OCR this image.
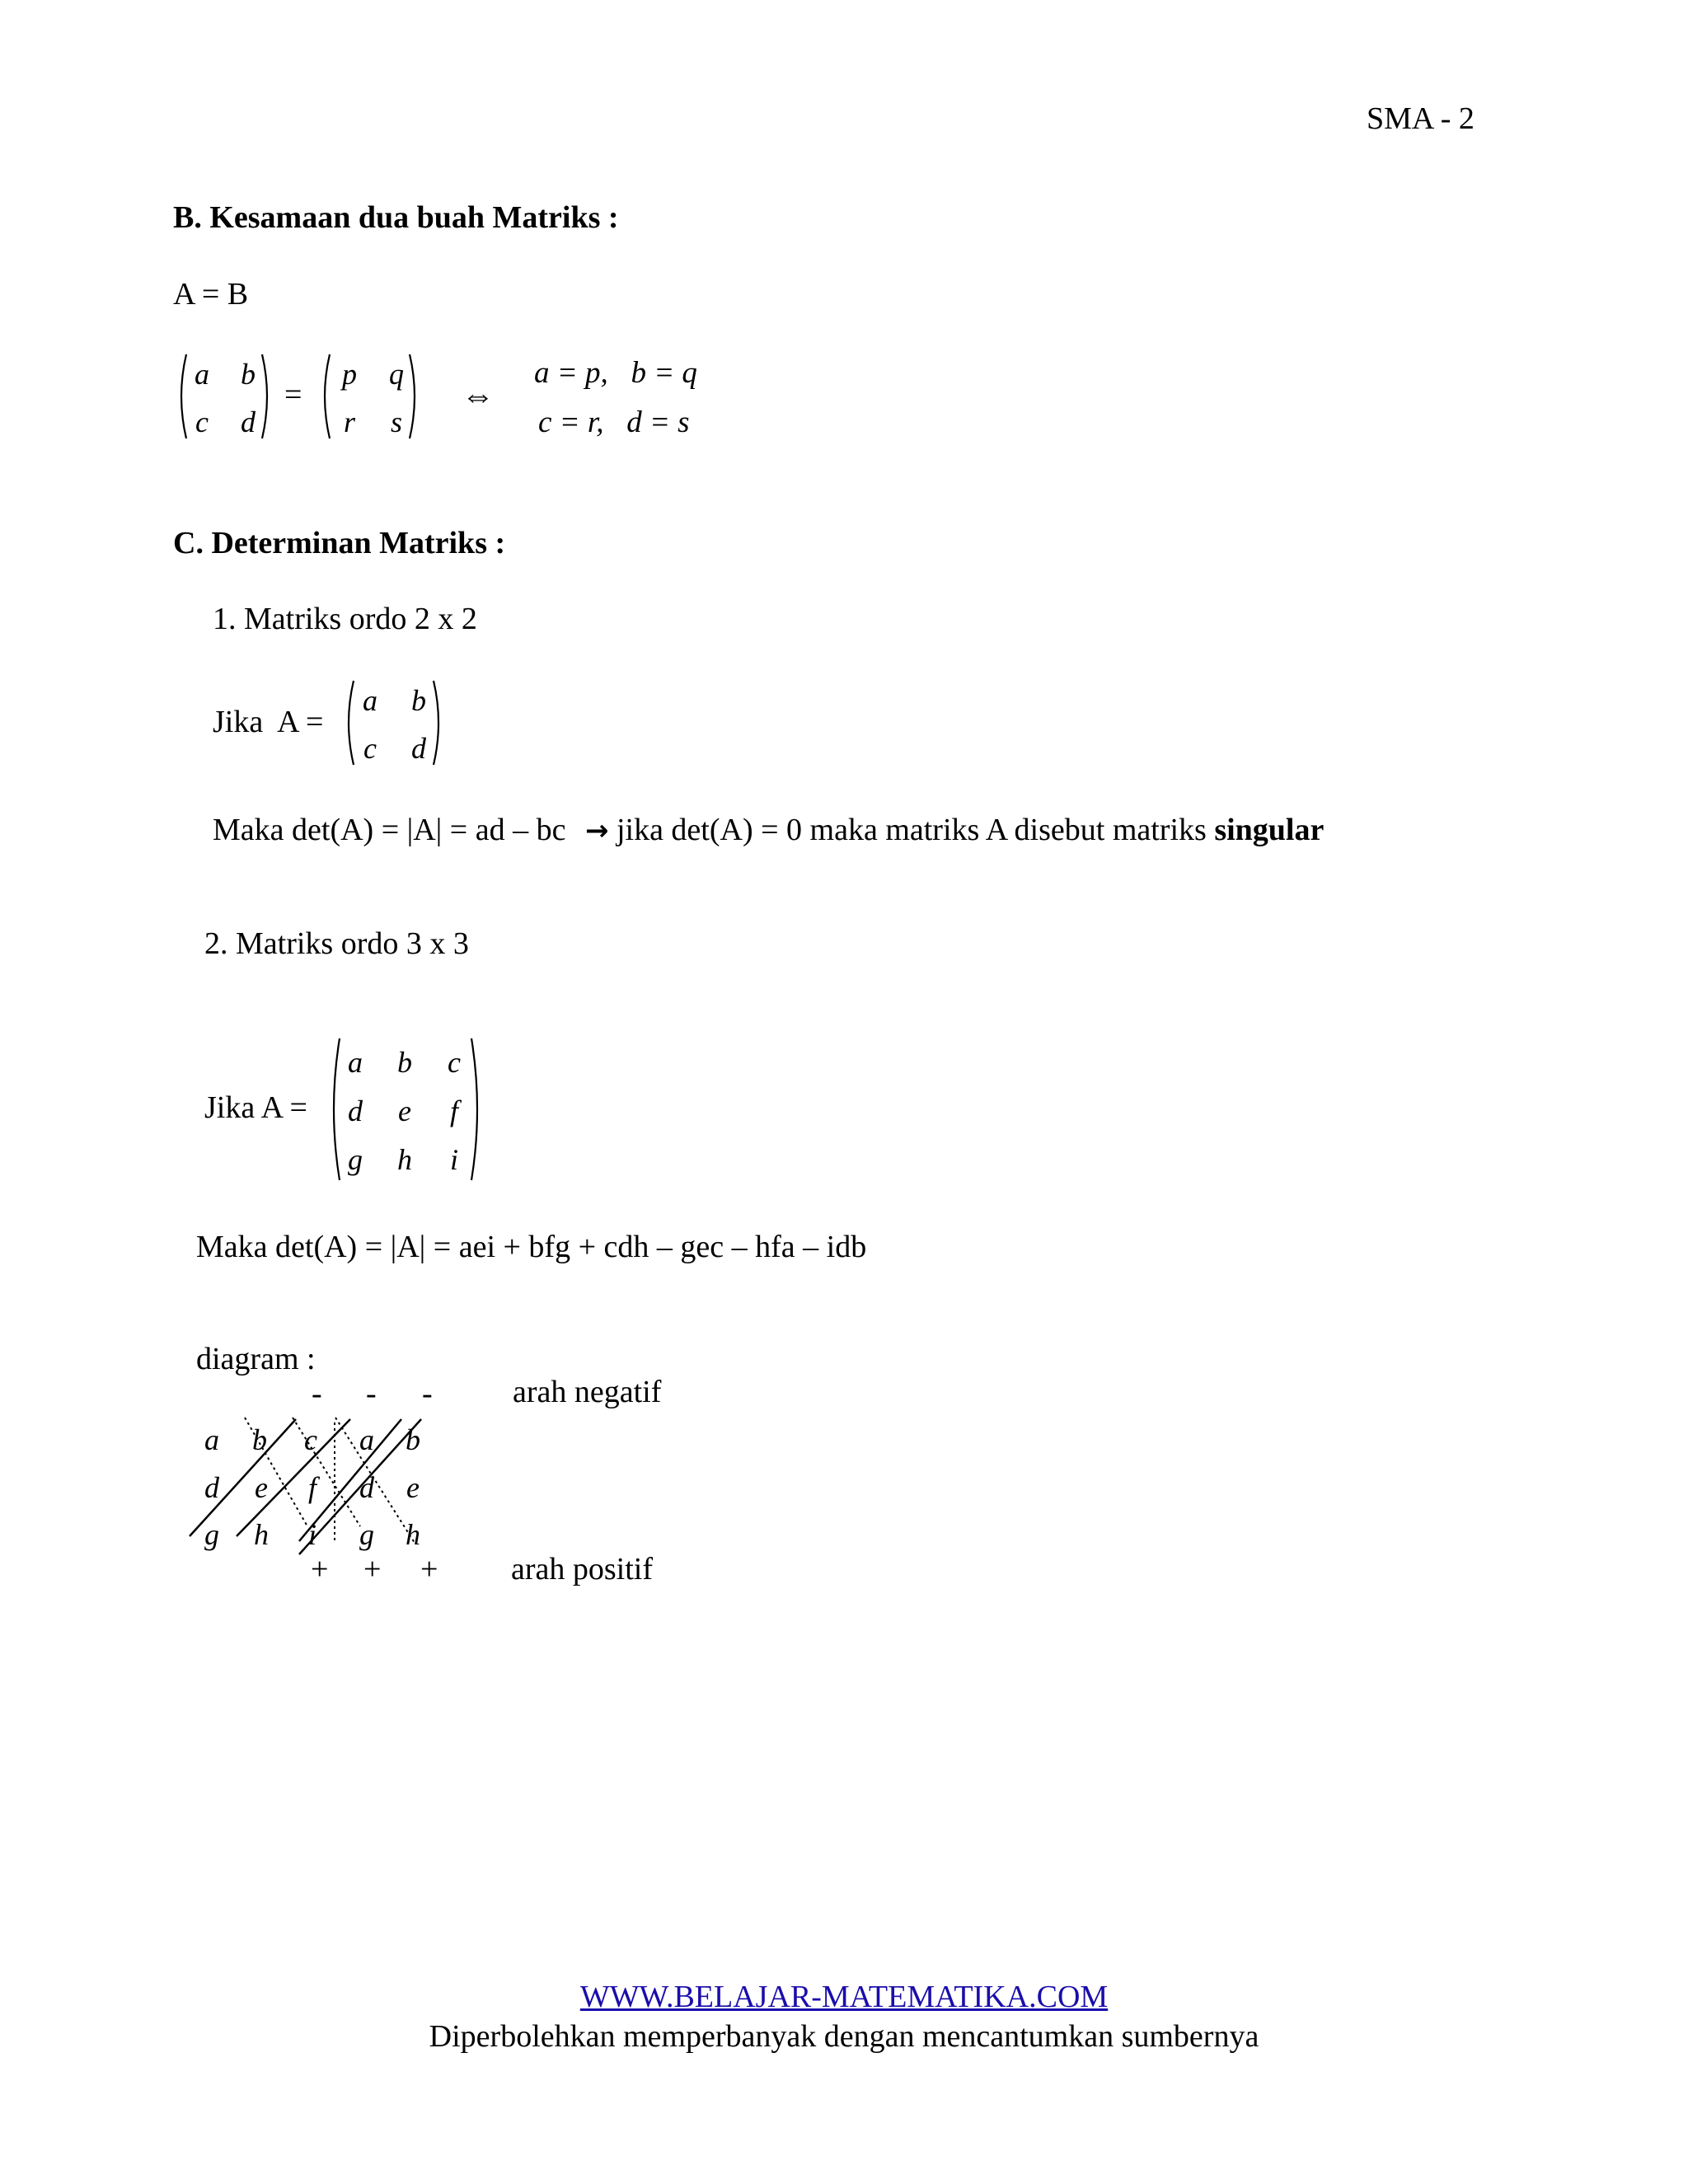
SMA - 2
B. Kesamaan dua buah Matriks :
A = B
a	b
c	d
=
p	q
r	s
⇔
a = p,   b = q
c = r,   d = s
C. Determinan Matriks :
1. Matriks ordo 2 x 2
Jika  A =
a	b
c	d
Maka det(A) = |A| = ad – bc → jika det(A) = 0 maka matriks A disebut matriks singular
2. Matriks ordo 3 x 3
Jika A =
a	b	c
d	e	f
g	h	i
Maka det(A) = |A| = aei + bfg + cdh – gec – hfa – idb
diagram :
- - -	arah negatif
a	b	c	a	b
d	e	f	d	e
g	h	i	g	h
+ + + arah positif
WWW.BELAJAR-MATEMATIKA.COM
Diperbolehkan memperbanyak dengan mencantumkan sumbernya
